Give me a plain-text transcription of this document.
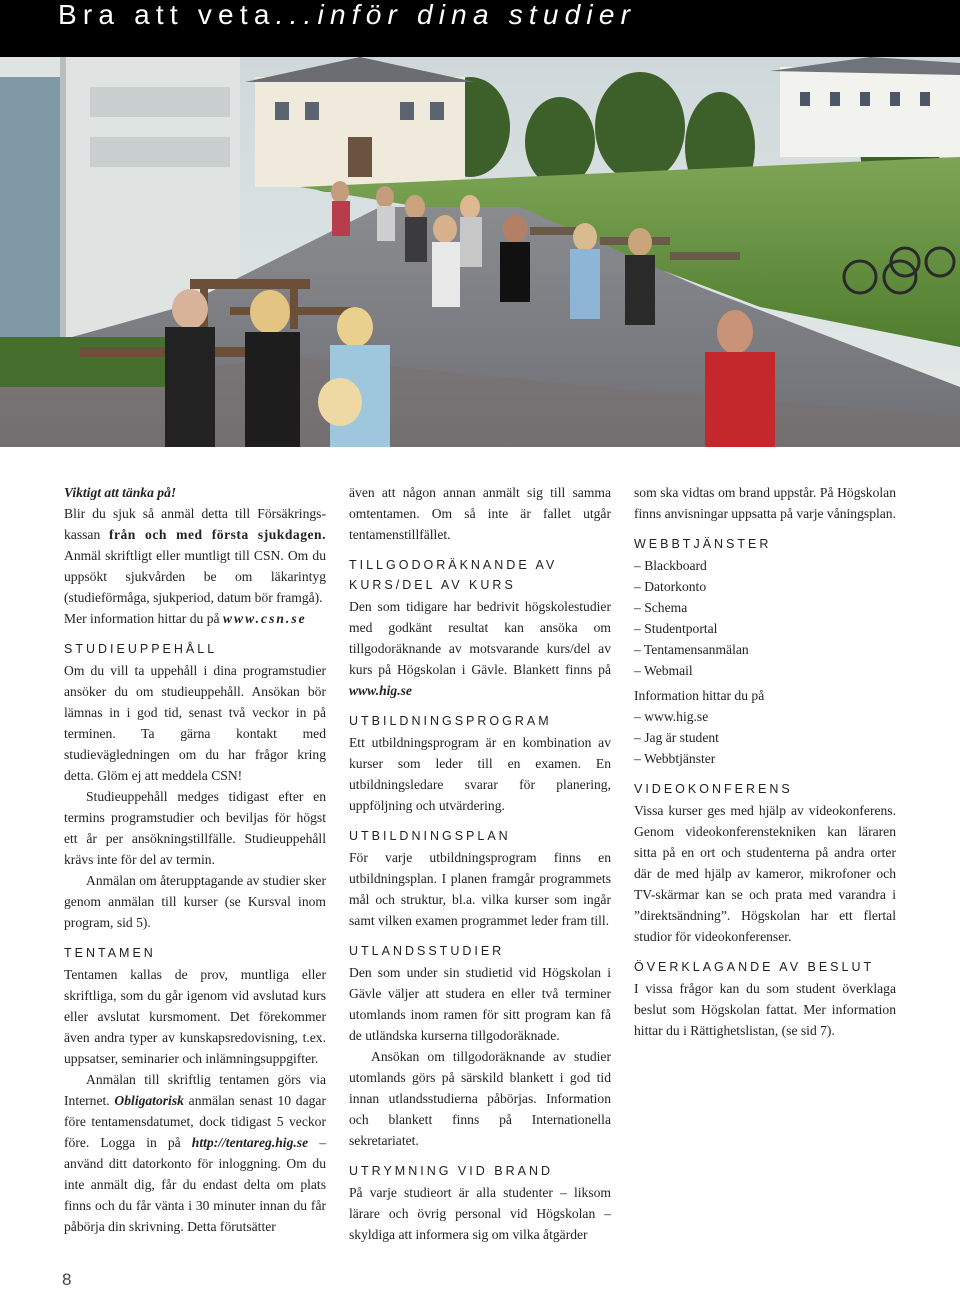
Bra att veta...inför dina studier

Viktigt att tänka på!

Blir du sjuk så anmäl detta till Försäkringskassan från och med första sjukdagen. Anmäl skriftligt eller muntligt till CSN. Om du uppsökt sjukvården be om läkarintyg (studieförmåga, sjukperiod, datum bör framgå).

Mer information hittar du på www.csn.se

STUDIEUPPEHÅLL

Om du vill ta uppehåll i dina programstudier ansöker du om studieuppehåll. Ansökan bör lämnas in i god tid, senast två veckor in på terminen. Ta gärna kontakt med studievägledningen om du har frågor kring detta. Glöm ej att meddela CSN!

Studieuppehåll medges tidigast efter en termins programstudier och beviljas för högst ett år per ansökningstillfälle. Studieuppehåll krävs inte för del av termin.

Anmälan om återupptagande av studier sker genom anmälan till kurser (se Kursval inom program, sid 5).

TENTAMEN

Tentamen kallas de prov, muntliga eller skriftliga, som du går igenom vid avslutad kurs eller avslutat kursmoment. Det förekommer även andra typer av kunskapsredovisning, t.ex. uppsatser, seminarier och inlämningsuppgifter.

Anmälan till skriftlig tentamen görs via Internet. Obligatorisk anmälan senast 10 dagar före tentamensdatumet, dock tidigast 5 veckor före. Logga in på http://tentareg.hig.se – använd ditt datorkonto för inloggning. Om du inte anmält dig, får du endast delta om plats finns och du får vänta i 30 minuter innan du får påbörja din skrivning. Detta förutsätter

även att någon annan anmält sig till samma omtentamen. Om så inte är fallet utgår tentamenstillfället.

TILLGODORÄKNANDE AV KURS/DEL AV KURS

Den som tidigare har bedrivit högskolestudier med godkänt resultat kan ansöka om tillgodoräknande av motsvarande kurs/del av kurs på Högskolan i Gävle. Blankett finns på www.hig.se

UTBILDNINGSPROGRAM

Ett utbildningsprogram är en kombination av kurser som leder till en examen. En utbildningsledare svarar för planering, uppföljning och utvärdering.

UTBILDNINGSPLAN

För varje utbildningsprogram finns en utbildningsplan. I planen framgår programmets mål och struktur, bl.a. vilka kurser som ingår samt vilken examen programmet leder fram till.

UTLANDSSTUDIER

Den som under sin studietid vid Högskolan i Gävle väljer att studera en eller två terminer utomlands inom ramen för sitt program kan få de utländska kurserna tillgodoräknade.

Ansökan om tillgodoräknande av studier utomlands görs på särskild blankett i god tid innan utlandsstudierna påbörjas. Information och blankett finns på Internationella sekretariatet.

UTRYMNING VID BRAND

På varje studieort är alla studenter – liksom lärare och övrig personal vid Högskolan – skyldiga att informera sig om vilka åtgärder

som ska vidtas om brand uppstår. På Högskolan finns anvisningar uppsatta på varje våningsplan.

WEBBTJÄNSTER
– Blackboard
– Datorkonto
– Schema
– Studentportal
– Tentamensanmälan
– Webmail

Information hittar du på

– www.hig.se
– Jag är student
– Webbtjänster
VIDEOKONFERENS

Vissa kurser ges med hjälp av videokonferens. Genom videokonferenstekniken kan läraren sitta på en ort och studenterna på andra orter där de med hjälp av kameror, mikrofoner och TV-skärmar kan se och prata med varandra i ”direktsändning”. Högskolan har ett flertal studior för videokonferenser.

ÖVERKLAGANDE AV BESLUT

I vissa frågor kan du som student överklaga beslut som Högskolan fattat. Mer information hittar du i Rättighetslistan, (se sid 7).

8
